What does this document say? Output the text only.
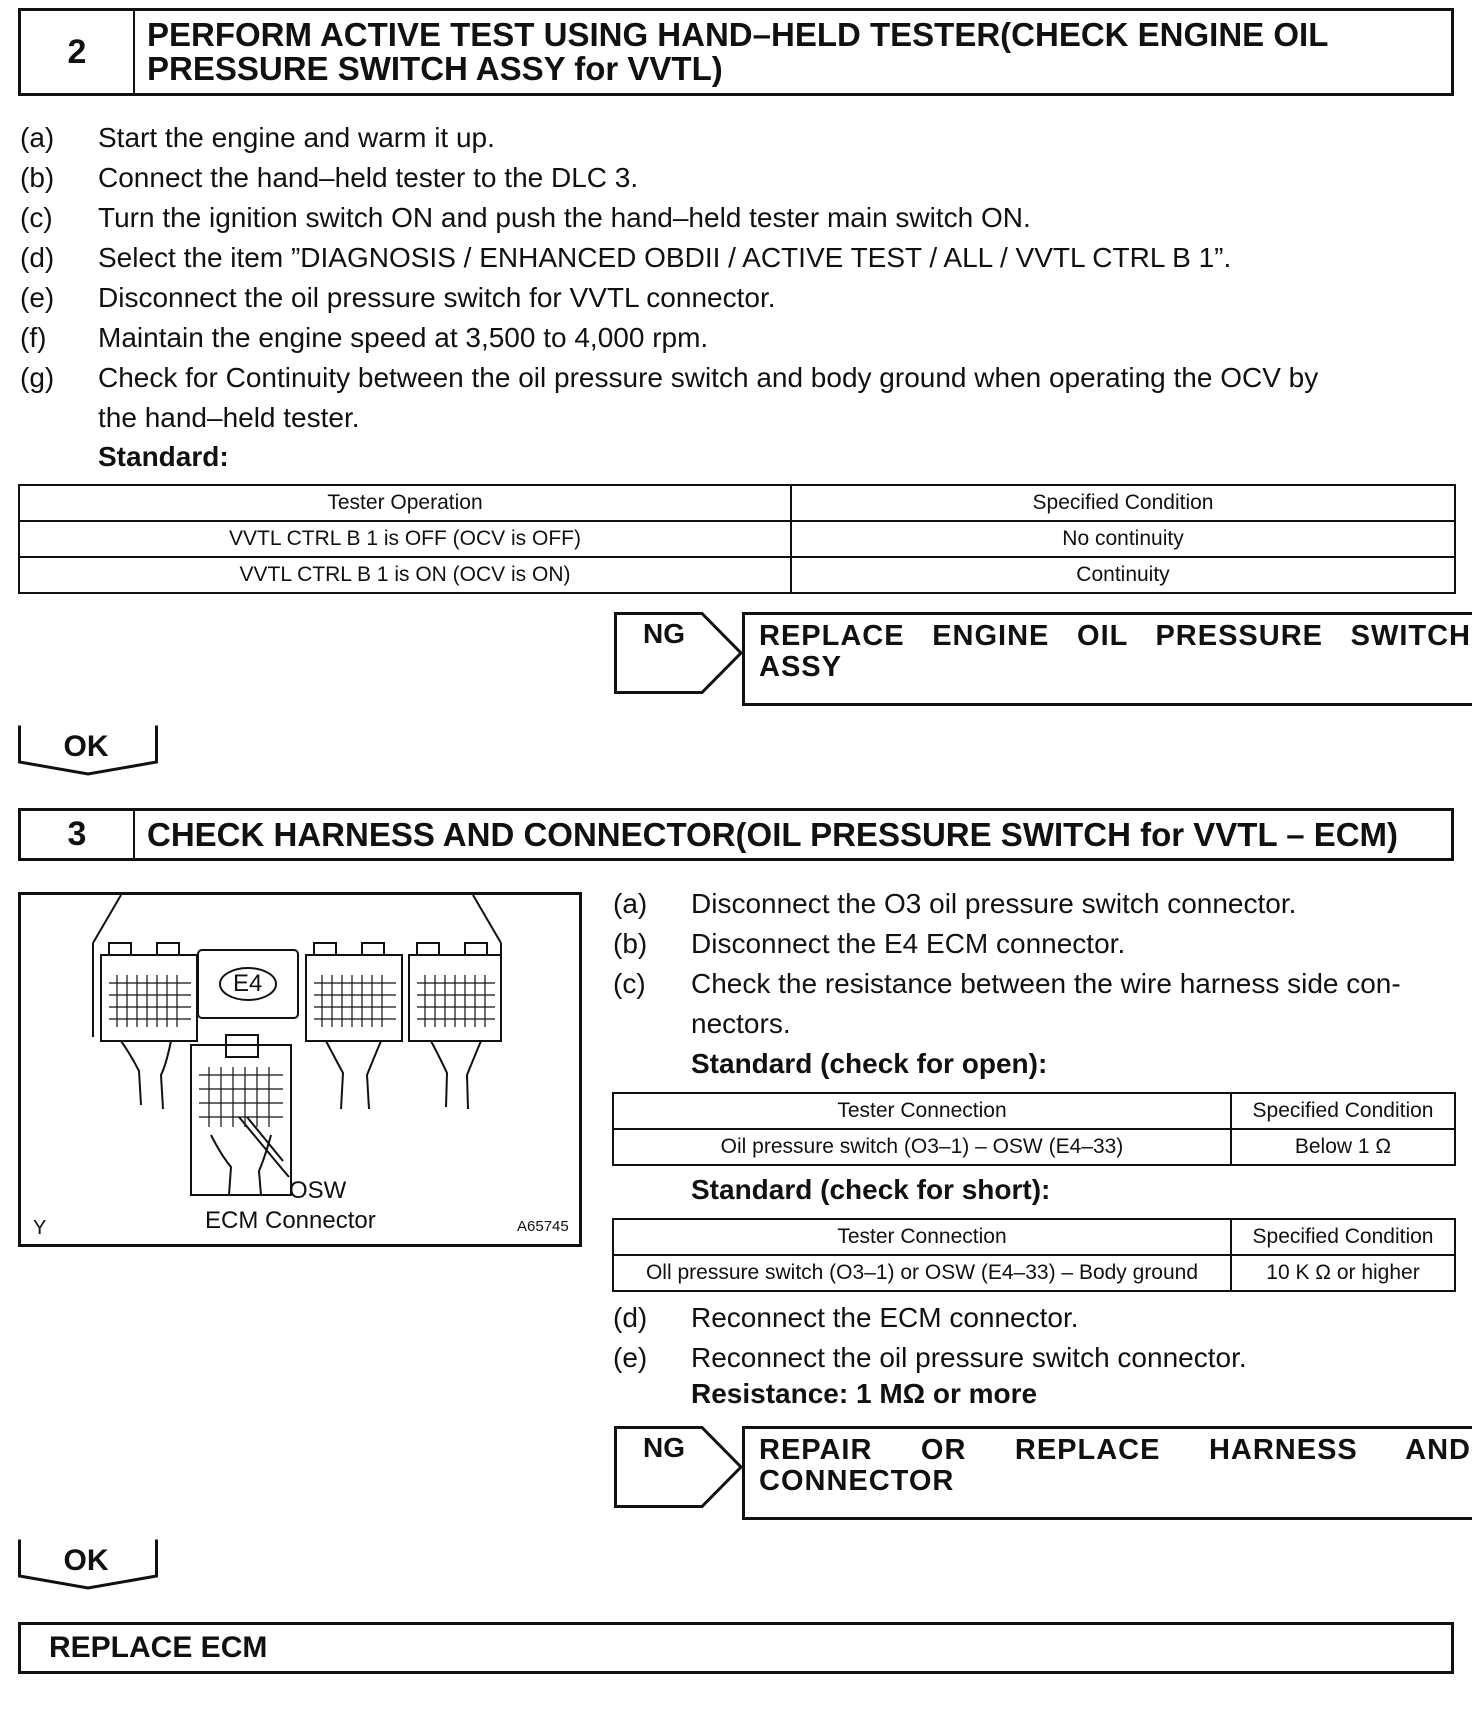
2	PERFORM ACTIVE TEST USING HAND–HELD TESTER(CHECK ENGINE OIL
PRESSURE SWITCH ASSY for VVTL)
(a) Start the engine and warm it up.
(b) Connect the hand–held tester to the DLC 3.
(c) Turn the ignition switch ON and push the hand–held tester main switch ON.
(d) Select the item ”DIAGNOSIS / ENHANCED OBDII / ACTIVE TEST / ALL / VVTL CTRL B 1”.
(e) Disconnect the oil pressure switch for VVTL connector.
(f) Maintain the engine speed at 3,500 to 4,000 rpm.
(g) Check for Continuity between the oil pressure switch and body ground when operating the OCV by
the hand–held tester.
Standard:
Tester Operation	Specified Condition
VVTL CTRL B 1 is OFF (OCV is OFF)	No continuity
VVTL CTRL B 1 is ON (OCV is ON)	Continuity
NG	REPLACE ENGINE OIL PRESSURE SWITCH
ASSY
OK
3	CHECK HARNESS AND CONNECTOR(OIL PRESSURE SWITCH for VVTL – ECM)
E4
OSW
ECM Connector
Y	A65745
(a) Disconnect the O3 oil pressure switch connector.
(b) Disconnect the E4 ECM connector.
(c) Check the resistance between the wire harness side con-
nectors.
Standard (check for open):
Tester Connection	Specified Condition
Oil pressure switch (O3–1) – OSW (E4–33)	Below 1 Ω
Standard (check for short):
Tester Connection	Specified Condition
Oll pressure switch (O3–1) or OSW (E4–33) – Body ground	10 K Ω or higher
(d) Reconnect the ECM connector.
(e) Reconnect the oil pressure switch connector.
Resistance: 1 MΩ or more
NG	REPAIR OR REPLACE HARNESS AND
CONNECTOR
OK
REPLACE ECM
